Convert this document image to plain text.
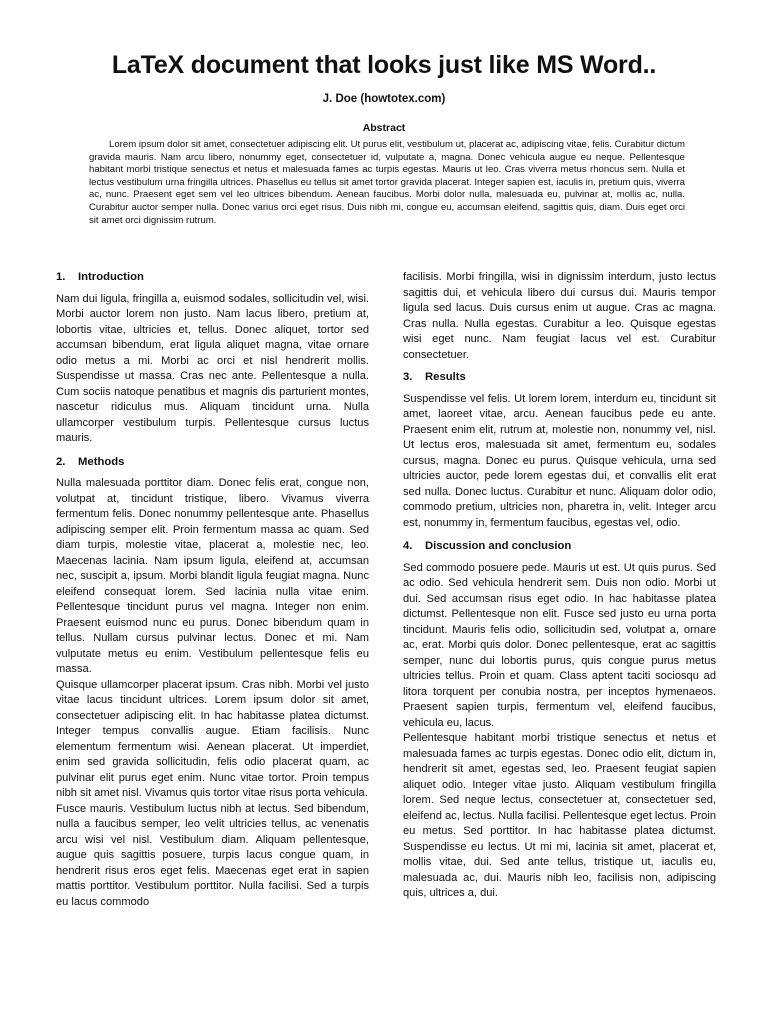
LaTeX document that looks just like MS Word..
J. Doe (howtotex.com)
Abstract

Lorem ipsum dolor sit amet, consectetuer adipiscing elit. Ut purus elit, vestibulum ut, placerat ac, adipiscing vitae, felis. Curabitur dictum gravida mauris. Nam arcu libero, nonummy eget, consectetuer id, vulputate a, magna. Donec vehicula augue eu neque. Pellentesque habitant morbi tristique senectus et netus et malesuada fames ac turpis egestas. Mauris ut leo. Cras viverra metus rhoncus sem. Nulla et lectus vestibulum urna fringilla ultrices. Phasellus eu tellus sit amet tortor gravida placerat. Integer sapien est, iaculis in, pretium quis, viverra ac, nunc. Praesent eget sem vel leo ultrices bibendum. Aenean faucibus. Morbi dolor nulla, malesuada eu, pulvinar at, mollis ac, nulla. Curabitur auctor semper nulla. Donec varius orci eget risus. Duis nibh mi, congue eu, accumsan eleifend, sagittis quis, diam. Duis eget orci sit amet orci dignissim rutrum.

1. Introduction

Nam dui ligula, fringilla a, euismod sodales, sollicitudin vel, wisi. Morbi auctor lorem non justo. Nam lacus libero, pretium at, lobortis vitae, ultricies et, tellus. Donec aliquet, tortor sed accumsan bibendum, erat ligula aliquet magna, vitae ornare odio metus a mi. Morbi ac orci et nisl hendrerit mollis. Suspendisse ut massa. Cras nec ante. Pellentesque a nulla. Cum sociis natoque penatibus et magnis dis parturient montes, nascetur ridiculus mus. Aliquam tincidunt urna. Nulla ullamcorper vestibulum turpis. Pellentesque cursus luctus mauris.

2. Methods

Nulla malesuada porttitor diam. Donec felis erat, congue non, volutpat at, tincidunt tristique, libero. Vivamus viverra fermentum felis. Donec nonummy pellentesque ante. Phasellus adipiscing semper elit. Proin fermentum massa ac quam. Sed diam turpis, molestie vitae, placerat a, molestie nec, leo. Maecenas lacinia. Nam ipsum ligula, eleifend at, accumsan nec, suscipit a, ipsum. Morbi blandit ligula feugiat magna. Nunc eleifend consequat lorem. Sed lacinia nulla vitae enim. Pellentesque tincidunt purus vel magna. Integer non enim. Praesent euismod nunc eu purus. Donec bibendum quam in tellus. Nullam cursus pulvinar lectus. Donec et mi. Nam vulputate metus eu enim. Vestibulum pellentesque felis eu massa.

Quisque ullamcorper placerat ipsum. Cras nibh. Morbi vel justo vitae lacus tincidunt ultrices. Lorem ipsum dolor sit amet, consectetuer adipiscing elit. In hac habitasse platea dictumst. Integer tempus convallis augue. Etiam facilisis. Nunc elementum fermentum wisi. Aenean placerat. Ut imperdiet, enim sed gravida sollicitudin, felis odio placerat quam, ac pulvinar elit purus eget enim. Nunc vitae tortor. Proin tempus nibh sit amet nisl. Vivamus quis tortor vitae risus porta vehicula.

Fusce mauris. Vestibulum luctus nibh at lectus. Sed bibendum, nulla a faucibus semper, leo velit ultricies tellus, ac venenatis arcu wisi vel nisl. Vestibulum diam. Aliquam pellentesque, augue quis sagittis posuere, turpis lacus congue quam, in hendrerit risus eros eget felis. Maecenas eget erat in sapien mattis porttitor. Vestibulum porttitor. Nulla facilisi. Sed a turpis eu lacus commodo

facilisis. Morbi fringilla, wisi in dignissim interdum, justo lectus sagittis dui, et vehicula libero dui cursus dui. Mauris tempor ligula sed lacus. Duis cursus enim ut augue. Cras ac magna. Cras nulla. Nulla egestas. Curabitur a leo. Quisque egestas wisi eget nunc. Nam feugiat lacus vel est. Curabitur consectetuer.

3. Results

Suspendisse vel felis. Ut lorem lorem, interdum eu, tincidunt sit amet, laoreet vitae, arcu. Aenean faucibus pede eu ante. Praesent enim elit, rutrum at, molestie non, nonummy vel, nisl. Ut lectus eros, malesuada sit amet, fermentum eu, sodales cursus, magna. Donec eu purus. Quisque vehicula, urna sed ultricies auctor, pede lorem egestas dui, et convallis elit erat sed nulla. Donec luctus. Curabitur et nunc. Aliquam dolor odio, commodo pretium, ultricies non, pharetra in, velit. Integer arcu est, nonummy in, fermentum faucibus, egestas vel, odio.

4. Discussion and conclusion

Sed commodo posuere pede. Mauris ut est. Ut quis purus. Sed ac odio. Sed vehicula hendrerit sem. Duis non odio. Morbi ut dui. Sed accumsan risus eget odio. In hac habitasse platea dictumst. Pellentesque non elit. Fusce sed justo eu urna porta tincidunt. Mauris felis odio, sollicitudin sed, volutpat a, ornare ac, erat. Morbi quis dolor. Donec pellentesque, erat ac sagittis semper, nunc dui lobortis purus, quis congue purus metus ultricies tellus. Proin et quam. Class aptent taciti sociosqu ad litora torquent per conubia nostra, per inceptos hymenaeos. Praesent sapien turpis, fermentum vel, eleifend faucibus, vehicula eu, lacus.

Pellentesque habitant morbi tristique senectus et netus et malesuada fames ac turpis egestas. Donec odio elit, dictum in, hendrerit sit amet, egestas sed, leo. Praesent feugiat sapien aliquet odio. Integer vitae justo. Aliquam vestibulum fringilla lorem. Sed neque lectus, consectetuer at, consectetuer sed, eleifend ac, lectus. Nulla facilisi. Pellentesque eget lectus. Proin eu metus. Sed porttitor. In hac habitasse platea dictumst. Suspendisse eu lectus. Ut mi mi, lacinia sit amet, placerat et, mollis vitae, dui. Sed ante tellus, tristique ut, iaculis eu, malesuada ac, dui. Mauris nibh leo, facilisis non, adipiscing quis, ultrices a, dui.
